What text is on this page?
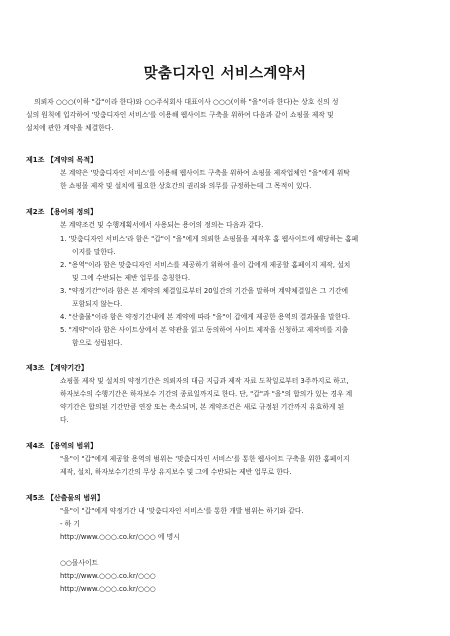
맞춤디자인 서비스계약서
의뢰자 ○○○(이하 "갑"이라 한다)와 ○○주식회사 대표이사 ○○○(이하 "을"이라 한다)는 상호 신의 성
실의 원칙에 입각하여 '맞춤디자인 서비스'를 이용해 웹사이트 구축을 위하여 다음과 같이 쇼핑몰 제작 및
설치에 관한 계약을 체결한다.
제1조 【계약의 목적】
본 계약은 '맞춤디자인 서비스'를 이용해 웹사이트 구축을 위하여 쇼핑몰 제작업체인 "을"에게 위탁
한 쇼핑몰 제작 및 설치에 필요한 상호간의 권리와 의무를 규정하는데 그 목적이 있다.
제2조 【용어의 정의】
본 계약조건 및 수행계획서에서 사용되는 용어의 정의는 다음과 같다.
1. '맞춤디자인 서비스'라 함은 "갑"이 "을"에게 의뢰한 쇼핑몰을 제작후 홈 웹사이트에 해당하는 홈페
이지를 말한다.
2. "용역"이라 함은 맞춤디자인 서비스를 제공하기 위하여 을이 갑에게 제공할 홈페이지 제작, 설치
및 그에 수반되는 제반 업무를 총칭한다.
3. "약정기간"이라 함은 본 계약의 체결일로부터 20일간의 기간을 말하며 계약체결일은 그 기간에
포함되지 않는다.
4. "산출물"이라 함은 약정기간내에 본 계약에 따라 "을"이 갑에게 제공한 용역의 결과물을 말한다.
5. "계약"이라 함은 사이트상에서 본 약관을 읽고 동의하여 사이트 제작을 신청하고 제작비를 지출
함으로 성립된다.
제3조 【계약기간】
쇼핑몰 제작 및 설치의 약정기간은 의뢰자의 대금 지급과 제작 자료 도착일로부터 3주까지로 하고,
하자보수의 수행기간은 하자보수 기간의 종료일까지로 한다. 단, "갑"과 "을"의 합의가 있는 경우 계
약기간은 합의된 기간만큼 연장 또는 축소되며, 본 계약조건은 새로 규정된 기간까지 유효하게 된
다.
제4조 【용역의 범위】
"을"이 "갑"에게 제공할 용역의 범위는 '맞춤디자인 서비스'를 통한 웹사이트 구축을 위한 홈페이지
제작, 설치, 하자보수기간의 무상 유지보수 및 그에 수반되는 제반 업무로 한다.
제5조 【산출물의 범위】
"을"이 "갑"에게 약정기간 내 '맞춤디자인 서비스'를 통한 개발 범위는 하기와 같다.
- 하 기
http://www.○○○.co.kr/○○○ 에 명시
○○몰사이트
http://www.○○○.co.kr/○○○
http://www.○○○.co.kr/○○○
